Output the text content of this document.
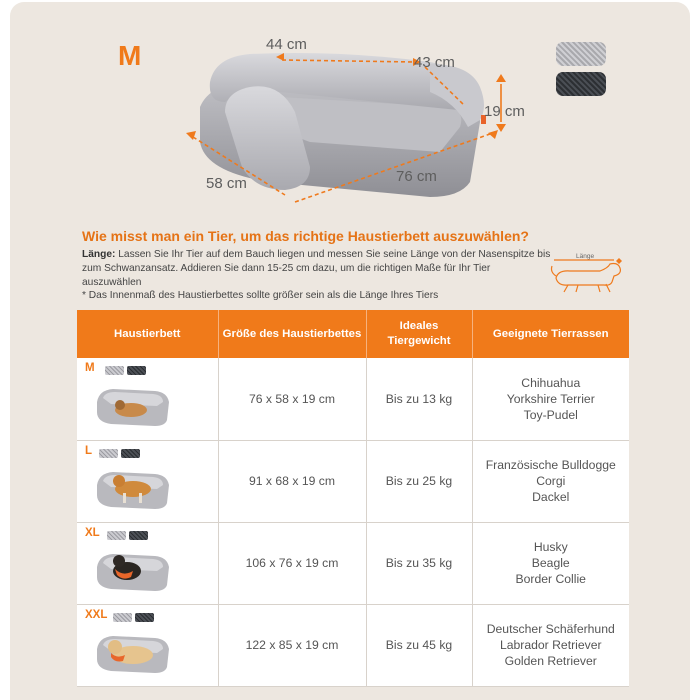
M	44 cm
43 cm
19 cm
58 cm	76 cm
Wie misst man ein Tier, um das richtige Haustierbett auszuwählen?
Länge: Lassen Sie Ihr Tier auf dem Bauch liegen und messen Sie seine Länge von der Nasenspitze bis zum Schwanzansatz. Addieren Sie dann 15-25 cm dazu, um die richtigen Maße für Ihr Tier auszuwählen
* Das Innenmaß des Haustierbettes sollte größer sein als die Länge Ihres Tiers
Länge
Haustierbett	Größe des Haustierbettes	Ideales Tiergewicht	Geeignete Tierrassen

M	76 x 58 x 19 cm	Bis zu 13 kg	Chihuahua
Yorkshire Terrier
Toy-Pudel

L	91 x 68 x 19 cm	Bis zu 25 kg	Französische Bulldogge
Corgi
Dackel

XL	106 x 76 x 19 cm	Bis zu 35 kg	Husky
Beagle
Border Collie

XXL	122 x 85 x 19 cm	Bis zu 45 kg	Deutscher Schäferhund
Labrador Retriever
Golden Retriever
